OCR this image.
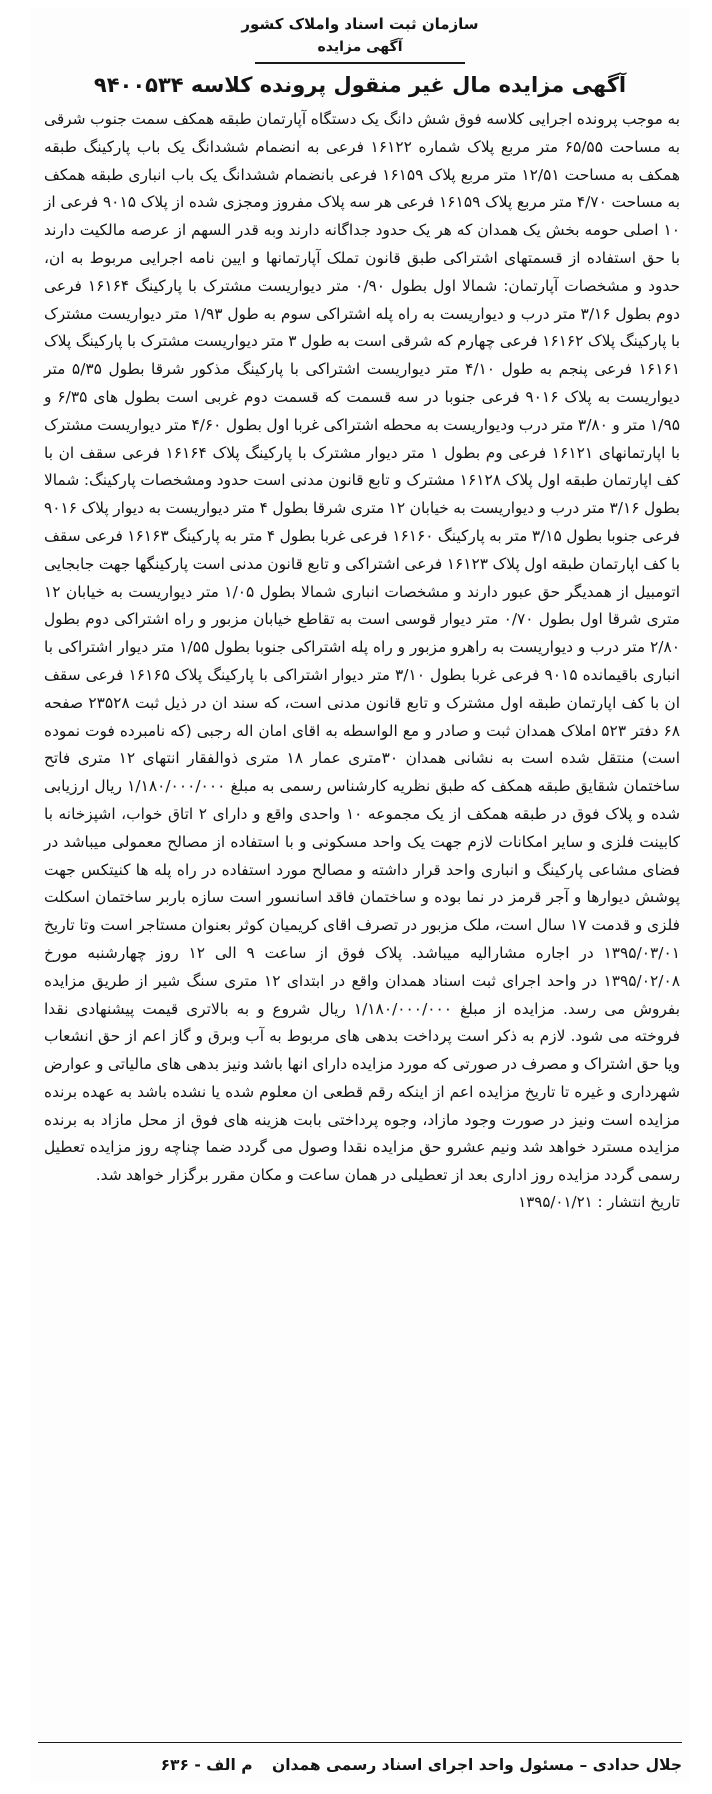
سازمان ثبت اسناد واملاک کشور
آگهی مزایده
آگهی مزایده مال غیر منقول پرونده کلاسه ۹۴۰۰۵۳۴
به موجب پرونده اجرایی کلاسه فوق شش دانگ یک دستگاه آپارتمان طبقه همکف سمت جنوب شرقی به مساحت ۶۵/۵۵ متر مربع پلاک شماره ۱۶۱۲۲ فرعی به انضمام ششدانگ یک باب پارکینگ طبقه همکف به مساحت ۱۲/۵۱ متر مربع پلاک ۱۶۱۵۹ فرعی بانضمام ششدانگ یک باب انباری طبقه همکف به مساحت ۴/۷۰ متر مربع پلاک ۱۶۱۵۹ فرعی هر سه پلاک مفروز ومجزی شده از پلاک ۹۰۱۵ فرعی از ۱۰ اصلی حومه بخش یک همدان که هر یک حدود جداگانه دارند وبه قدر السهم از عرصه مالکیت دارند با حق استفاده از قسمتهای اشتراکی طبق قانون تملک آپارتمانها و ایین نامه اجرایی مربوط به ان، حدود و مشخصات آپارتمان: شمالا اول بطول ۰/۹۰ متر دیواریست مشترک با پارکینگ ۱۶۱۶۴ فرعی دوم بطول ۳/۱۶ متر درب و دیواریست به راه پله اشتراکی سوم به طول ۱/۹۳ متر دیواریست مشترک با پارکینگ پلاک ۱۶۱۶۲ فرعی چهارم که شرقی است به طول ۳ متر دیواریست مشترک با پارکینگ پلاک ۱۶۱۶۱ فرعی پنجم به طول ۴/۱۰ متر دیواریست اشتراکی با پارکینگ مذکور شرقا بطول ۵/۳۵ متر دیواریست به پلاک ۹۰۱۶ فرعی جنوبا در سه قسمت که قسمت دوم غربی است بطول های ۶/۳۵ و ۱/۹۵ متر و ۳/۸۰ متر درب ودیواریست به محطه اشتراکی غربا اول بطول ۴/۶۰ متر دیواریست مشترک با اپارتمانهای ۱۶۱۲۱ فرعی وم بطول ۱ متر دیوار مشترک با پارکینگ پلاک ۱۶۱۶۴ فرعی سقف ان با کف اپارتمان طبقه اول پلاک ۱۶۱۲۸ مشترک و تابع قانون مدنی است حدود ومشخصات پارکینگ: شمالا بطول ۳/۱۶ متر درب و دیواریست به خیابان ۱۲ متری شرقا بطول ۴ متر دیواریست به دیوار پلاک ۹۰۱۶ فرعی جنوبا بطول ۳/۱۵ متر به پارکینگ ۱۶۱۶۰ فرعی غربا بطول ۴ متر به پارکینگ ۱۶۱۶۳ فرعی سقف با کف اپارتمان طبقه اول پلاک ۱۶۱۲۳ فرعی اشتراکی و تابع قانون مدنی است پارکینگها جهت جابجایی اتومبیل از همدیگر حق عبور دارند و مشخصات انباری شمالا بطول ۱/۰۵ متر دیواریست به خیابان ۱۲ متری شرقا اول بطول ۰/۷۰ متر دیوار قوسی است به تقاطع خیابان مزبور و راه اشتراکی دوم بطول ۲/۸۰ متر درب و دیواریست به راهرو مزبور و راه پله اشتراکی جنوبا بطول ۱/۵۵ متر دیوار اشتراکی با انباری باقیمانده ۹۰۱۵ فرعی غربا بطول ۳/۱۰ متر دیوار اشتراکی با پارکینگ پلاک ۱۶۱۶۵ فرعی سقف ان با کف اپارتمان طبقه اول مشترک و تابع قانون مدنی است، که سند ان در ذیل ثبت ۲۳۵۲۸ صفحه ۶۸ دفتر ۵۲۳ املاک همدان ثبت و صادر و مع الواسطه به اقای امان اله رجبی (که نامبرده فوت نموده است) منتقل شده است به نشانی همدان ۳۰متری عمار ۱۸ متری ذوالفقار انتهای ۱۲ متری فاتح ساختمان شقایق طبقه همکف که طبق نظریه کارشناس رسمی به مبلغ ۱/۱۸۰/۰۰۰/۰۰۰ ریال ارزیابی شده و پلاک فوق در طبقه همکف از یک مجموعه ۱۰ واحدی واقع و دارای ۲ اتاق خواب، اشپزخانه با کابینت فلزی و سایر امکانات لازم جهت یک واحد مسکونی و با استفاده از مصالح معمولی میباشد در فضای مشاعی پارکینگ و انباری واحد قرار داشته و مصالح مورد استفاده در راه پله ها کنیتکس جهت پوشش دیوارها و آجر قرمز در نما بوده و ساختمان فاقد اسانسور است سازه باربر ساختمان اسکلت فلزی و قدمت ۱۷ سال است، ملک مزبور در تصرف اقای کریمیان کوثر بعنوان مستاجر است وتا تاریخ ۱۳۹۵/۰۳/۰۱ در اجاره مشارالیه میباشد. پلاک فوق از ساعت ۹ الی ۱۲ روز چهارشنبه مورخ ۱۳۹۵/۰۲/۰۸ در واحد اجرای ثبت اسناد همدان واقع در ابتدای ۱۲ متری سنگ شیر از طریق مزایده بفروش می رسد. مزایده از مبلغ ۱/۱۸۰/۰۰۰/۰۰۰ ریال شروع و به بالاتری قیمت پیشنهادی نقدا فروخته می شود. لازم به ذکر است پرداخت بدهی های مربوط به آب وبرق و گاز اعم از حق انشعاب ویا حق اشتراک و مصرف در صورتی که مورد مزایده دارای انها باشد ونیز بدهی های مالیاتی و عوارض شهرداری و غیره تا تاریخ مزایده اعم از اینکه رقم قطعی ان معلوم شده یا نشده باشد به عهده برنده مزایده است ونیز در صورت وجود مازاد، وجوه پرداختی بابت هزینه های فوق از محل مازاد به برنده مزایده مسترد خواهد شد ونیم عشرو حق مزایده نقدا وصول می گردد ضما چناچه روز مزایده تعطیل رسمی گردد مزایده روز اداری بعد از تعطیلی در همان ساعت و مکان مقرر برگزار خواهد شد.
تاریخ انتشار : ۱۳۹۵/۰۱/۲۱
جلال حدادی – مسئول واحد اجرای اسناد رسمی همدان م الف - ۶۳۶
